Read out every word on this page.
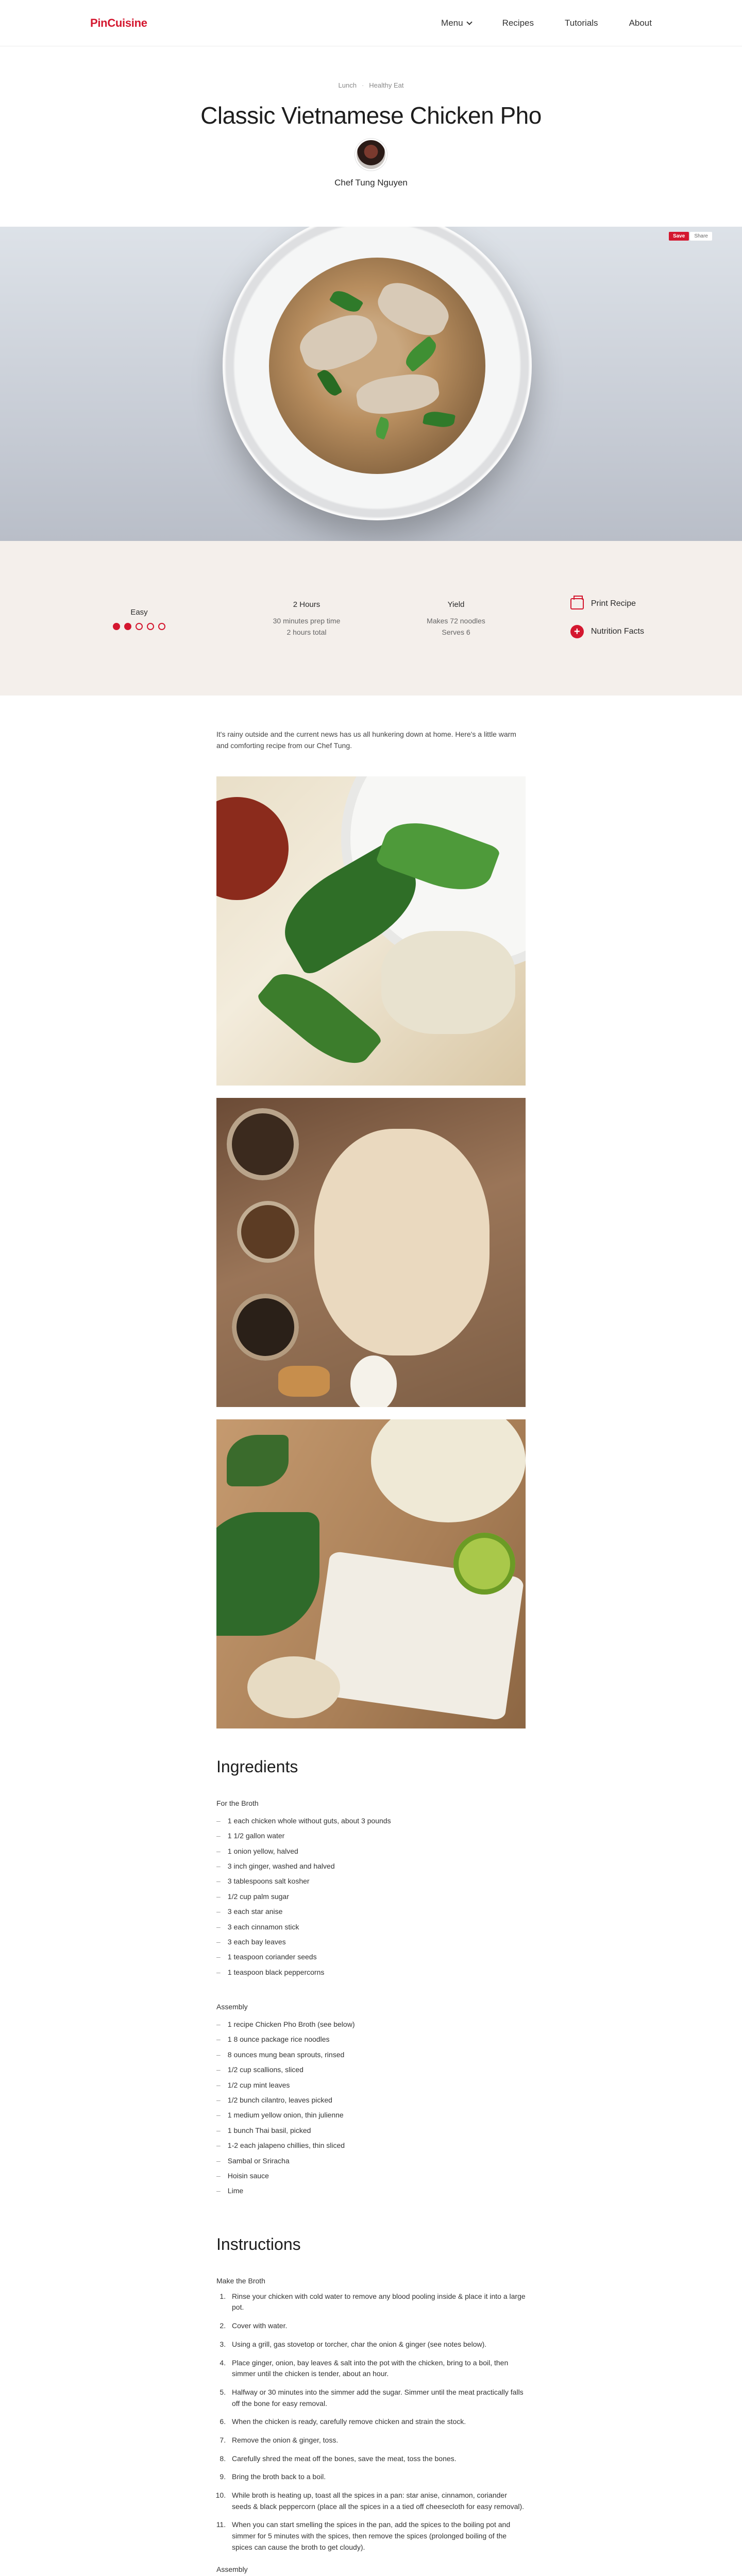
PinCuisine	Menu	Recipes	Tutorials	About
Lunch · Healthy Eat
Classic Vietnamese Chicken Pho
Chef Tung Nguyen
Save	Share
Easy
2 Hours
30 minutes prep time
2 hours total
Yield
Makes 72 noodles
Serves 6
Print Recipe
+	Nutrition Facts

It's rainy outside and the current news has us all hunkering down at home. Here's a little warm and comforting recipe from our Chef Tung.

Ingredients
For the Broth
– 1 each chicken whole without guts, about 3 pounds
– 1 1/2 gallon water
– 1 onion yellow, halved
– 3 inch ginger, washed and halved
– 3 tablespoons salt kosher
– 1/2 cup palm sugar
– 3 each star anise
– 3 each cinnamon stick
– 3 each bay leaves
– 1 teaspoon coriander seeds
– 1 teaspoon black peppercorns
Assembly
– 1 recipe Chicken Pho Broth (see below)
– 1 8 ounce package rice noodles
– 8 ounces mung bean sprouts, rinsed
– 1/2 cup scallions, sliced
– 1/2 cup mint leaves
– 1/2 bunch cilantro, leaves picked
– 1 medium yellow onion, thin julienne
– 1 bunch Thai basil, picked
– 1-2 each jalapeno chillies, thin sliced
– Sambal or Sriracha
– Hoisin sauce
– Lime
Instructions
Make the Broth
1. Rinse your chicken with cold water to remove any blood pooling inside & place it into a large pot.
2. Cover with water.
3. Using a grill, gas stovetop or torcher, char the onion & ginger (see notes below).
4. Place ginger, onion, bay leaves & salt into the pot with the chicken, bring to a boil, then simmer until the chicken is tender, about an hour.
5. Halfway or 30 minutes into the simmer add the sugar. Simmer until the meat practically falls off the bone for easy removal.
6. When the chicken is ready, carefully remove chicken and strain the stock.
7. Remove the onion & ginger, toss.
8. Carefully shred the meat off the bones, save the meat, toss the bones.
9. Bring the broth back to a boil.
10. While broth is heating up, toast all the spices in a pan: star anise, cinnamon, coriander seeds & black peppercorn (place all the spices in a a tied off cheesecloth for easy removal).
11. When you can start smelling the spices in the pan, add the spices to the boiling pot and simmer for 5 minutes with the spices, then remove the spices (prolonged boiling of the spices can cause the broth to get cloudy).
Assembly
